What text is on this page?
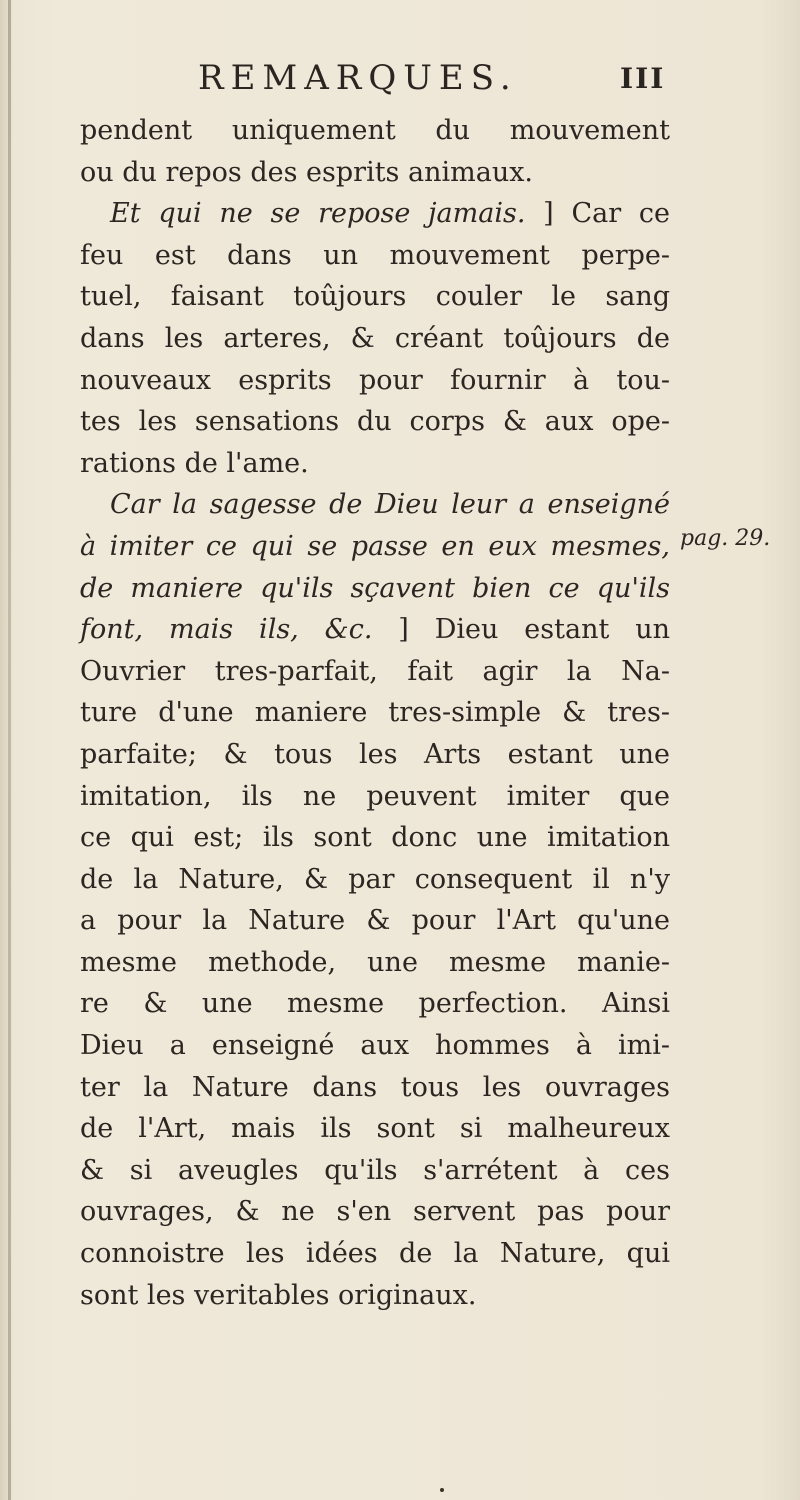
REMARQUES.	III
pendent uniquement du mouvement
ou du repos des esprits animaux.
Et qui ne se repose jamais. ] Car ce
feu est dans un mouvement perpe-
tuel, faisant toûjours couler le sang
dans les arteres, & créant toûjours de
nouveaux esprits pour fournir à tou-
tes les sensations du corps & aux ope-
rations de l'ame.
Car la sagesse de Dieu leur a enseigné
à imiter ce qui se passe en eux mesmes,
de maniere qu'ils sçavent bien ce qu'ils
font, mais ils, &c. ] Dieu estant un
Ouvrier tres-parfait, fait agir la Na-
ture d'une maniere tres-simple & tres-
parfaite; & tous les Arts estant une
imitation, ils ne peuvent imiter que
ce qui est; ils sont donc une imitation
de la Nature, & par consequent il n'y
a pour la Nature & pour l'Art qu'une
mesme methode, une mesme manie-
re & une mesme perfection. Ainsi
Dieu a enseigné aux hommes à imi-
ter la Nature dans tous les ouvrages
de l'Art, mais ils sont si malheureux
& si aveugles qu'ils s'arrétent à ces
ouvrages, & ne s'en servent pas pour
connoistre les idées de la Nature, qui
sont les veritables originaux.
pag. 29.
